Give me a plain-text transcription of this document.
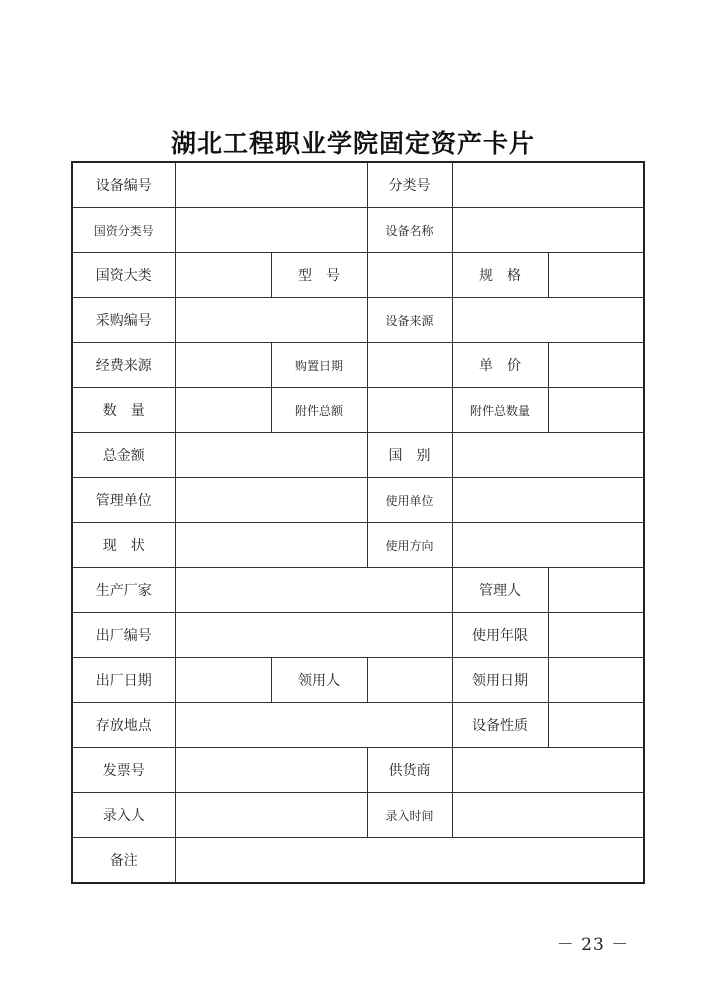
湖北工程职业学院固定资产卡片
设备编号			分类号		
国资分类号			设备名称		
国资大类		型　号		规　格	
采购编号			设备来源		
经费来源		购置日期		单　价	
数　量		附件总额		附件总数量	
总金额			国　别		
管理单位			使用单位		
现　状			使用方向		
生产厂家				管理人	
出厂编号				使用年限	
出厂日期		领用人		领用日期	
存放地点				设备性质	
发票号			供货商		
录入人			录入时间		
备注					
－ 23 －
